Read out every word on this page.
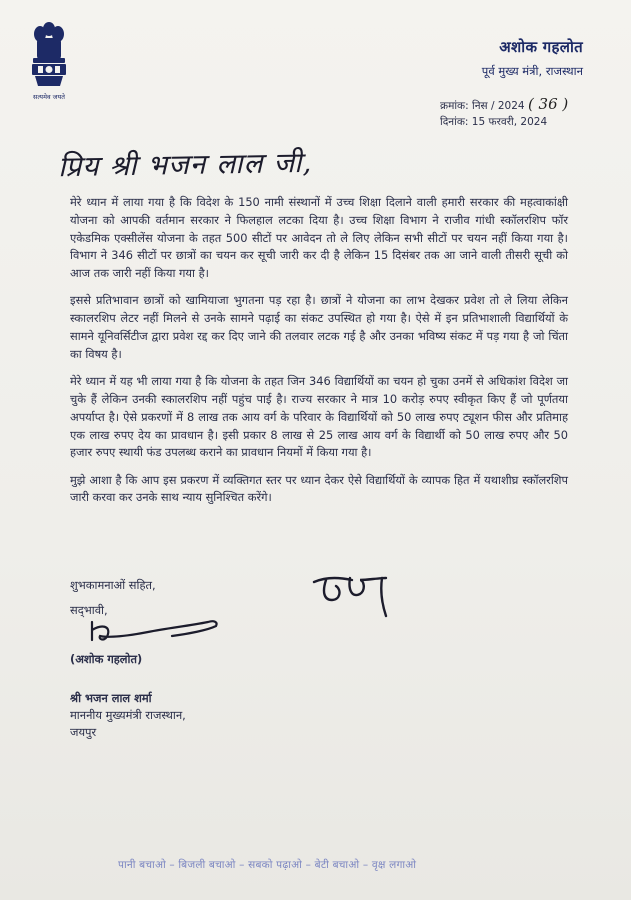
सत्यमेव जयते
अशोक गहलोत
पूर्व मुख्य मंत्री, राजस्थान
क्रमांक: निस / 2024 ( 36 )
दिनांक: 15 फरवरी, 2024
प्रिय श्री भजन लाल जी,

मेरे ध्यान में लाया गया है कि विदेश के 150 नामी संस्थानों में उच्च शिक्षा दिलाने वाली हमारी सरकार की महत्वाकांक्षी योजना को आपकी वर्तमान सरकार ने फिलहाल लटका दिया है। उच्च शिक्षा विभाग ने राजीव गांधी स्कॉलरशिप फॉर एकेडमिक एक्सीलेंस योजना के तहत 500 सीटों पर आवेदन तो ले लिए लेकिन सभी सीटों पर चयन नहीं किया गया है। विभाग ने 346 सीटों पर छात्रों का चयन कर सूची जारी कर दी है लेकिन 15 दिसंबर तक आ जाने वाली तीसरी सूची को आज तक जारी नहीं किया गया है।

इससे प्रतिभावान छात्रों को खामियाजा भुगतना पड़ रहा है। छात्रों ने योजना का लाभ देखकर प्रवेश तो ले लिया लेकिन स्कालरशिप लेटर नहीं मिलने से उनके सामने पढ़ाई का संकट उपस्थित हो गया है। ऐसे में इन प्रतिभाशाली विद्यार्थियों के सामने यूनिवर्सिटीज द्वारा प्रवेश रद्द कर दिए जाने की तलवार लटक गई है और उनका भविष्य संकट में पड़ गया है जो चिंता का विषय है।

मेरे ध्यान में यह भी लाया गया है कि योजना के तहत जिन 346 विद्यार्थियों का चयन हो चुका उनमें से अधिकांश विदेश जा चुके हैं लेकिन उनकी स्कालरशिप नहीं पहुंच पाई है। राज्य सरकार ने मात्र 10 करोड़ रुपए स्वीकृत किए हैं जो पूर्णतया अपर्याप्त है। ऐसे प्रकरणों में 8 लाख तक आय वर्ग के परिवार के विद्यार्थियों को 50 लाख रुपए ट्यूशन फीस और प्रतिमाह एक लाख रुपए देय का प्रावधान है। इसी प्रकार 8 लाख से 25 लाख आय वर्ग के विद्यार्थी को 50 लाख रुपए और 50 हजार रुपए स्थायी फंड उपलब्ध कराने का प्रावधान नियमों में किया गया है।

मुझे आशा है कि आप इस प्रकरण में व्यक्तिगत स्तर पर ध्यान देकर ऐसे विद्यार्थियों के व्यापक हित में यथाशीघ्र स्कॉलरशिप जारी करवा कर उनके साथ न्याय सुनिश्चित करेंगे।

शुभकामनाओं सहित,
सद्‌भावी,
(अशोक गहलोत)
श्री भजन लाल शर्मा
माननीय मुख्यमंत्री राजस्थान,
जयपुर
पानी बचाओ – बिजली बचाओ – सबको पढ़ाओ – बेटी बचाओ – वृक्ष लगाओ
